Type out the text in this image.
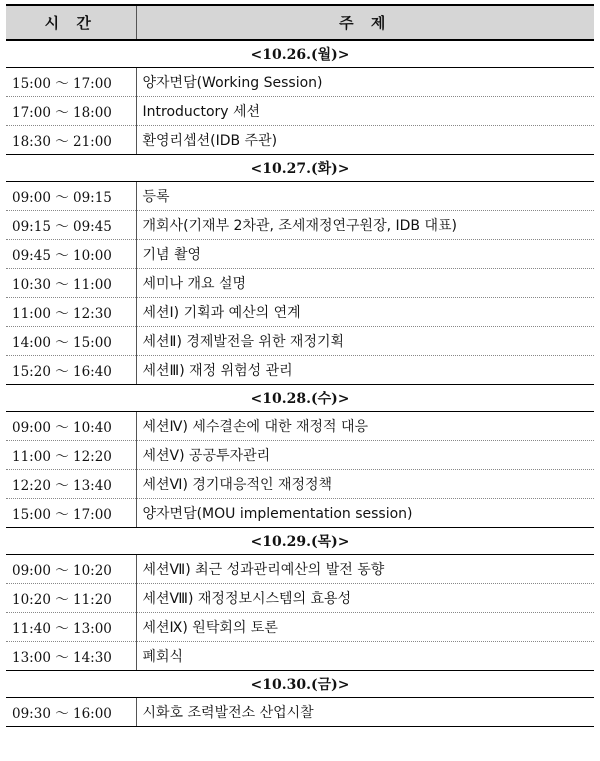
시 간	주 제
<10.26.(월)>	
15:00 ～ 17:00	양자면담(Working Session)
17:00 ～ 18:00	Introductory 세션
18:30 ～ 21:00	환영리셉션(IDB 주관)
<10.27.(화)>	
09:00 ～ 09:15	등록
09:15 ～ 09:45	개회사(기재부 2차관, 조세재정연구원장, IDB 대표)
09:45 ～ 10:00	기념 촬영
10:30 ～ 11:00	세미나 개요 설명
11:00 ～ 12:30	세션Ⅰ) 기획과 예산의 연계
14:00 ～ 15:00	세션Ⅱ) 경제발전을 위한 재정기획
15:20 ～ 16:40	세션Ⅲ) 재정 위험성 관리
<10.28.(수)>	
09:00 ～ 10:40	세션Ⅳ) 세수결손에 대한 재정적 대응
11:00 ～ 12:20	세션Ⅴ) 공공투자관리
12:20 ～ 13:40	세션Ⅵ) 경기대응적인 재정정책
15:00 ～ 17:00	양자면담(MOU implementation session)
<10.29.(목)>	
09:00 ～ 10:20	세션Ⅶ) 최근 성과관리예산의 발전 동향
10:20 ～ 11:20	세션Ⅷ) 재정정보시스템의 효용성
11:40 ～ 13:00	세션Ⅸ) 원탁회의 토론
13:00 ～ 14:30	폐회식
<10.30.(금)>	
09:30 ～ 16:00	시화호 조력발전소 산업시찰
